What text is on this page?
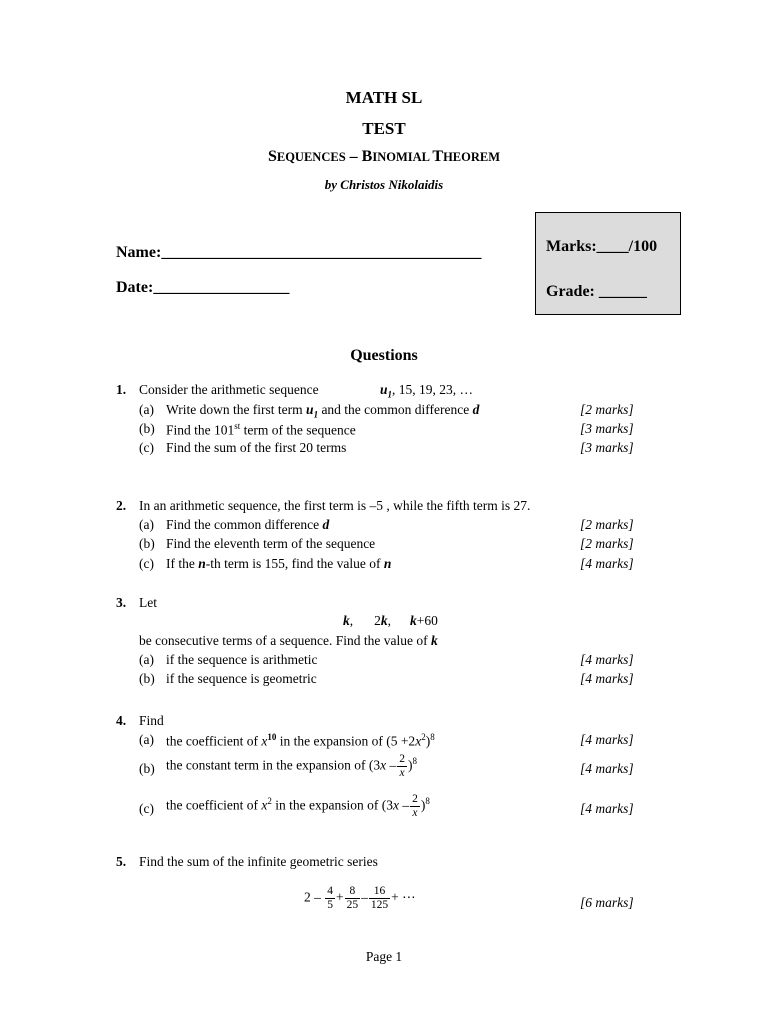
MATH SL
TEST
SEQUENCES – BINOMIAL THEOREM
by Christos Nikolaidis
Name:________________________________________
Date:_________________
Marks:____/100
Grade: ______
Questions
1. Consider the arithmetic sequence	$u_1$, 15, 19, 23, …
(a) Write down the first term $u_1$ and the common difference d	[2 marks]
(b) Find the 101st term of the sequence	[3 marks]
(c) Find the sum of the first 20 terms	[3 marks]
2. In an arithmetic sequence, the first term is –5 , while the fifth term is 27.
(a) Find the common difference d	[2 marks]
(b) Find the eleventh term of the sequence	[2 marks]
(c) If the n-th term is 155, find the value of n	[4 marks]
3. Let
k, 2k, k+60
be consecutive terms of a sequence. Find the value of k
(a) if the sequence is arithmetic	[4 marks]
(b) if the sequence is geometric	[4 marks]
4. Find
(a) the coefficient of $x^{10}$ in the expansion of $(5 +2x^2)^8$	[4 marks]
(b) the constant term in the expansion of $(3x - \frac{2}{x} )^8$	[4 marks]
(c) the coefficient of $x^2$ in the expansion of $(3x - \frac{2}{x} )^8$	[4 marks]
5. Find the sum of the infinite geometric series
$2 - \frac{4}{5} + \frac{8}{25} - \frac{16}{125}$ + ⋯	[6 marks]
Page 1
